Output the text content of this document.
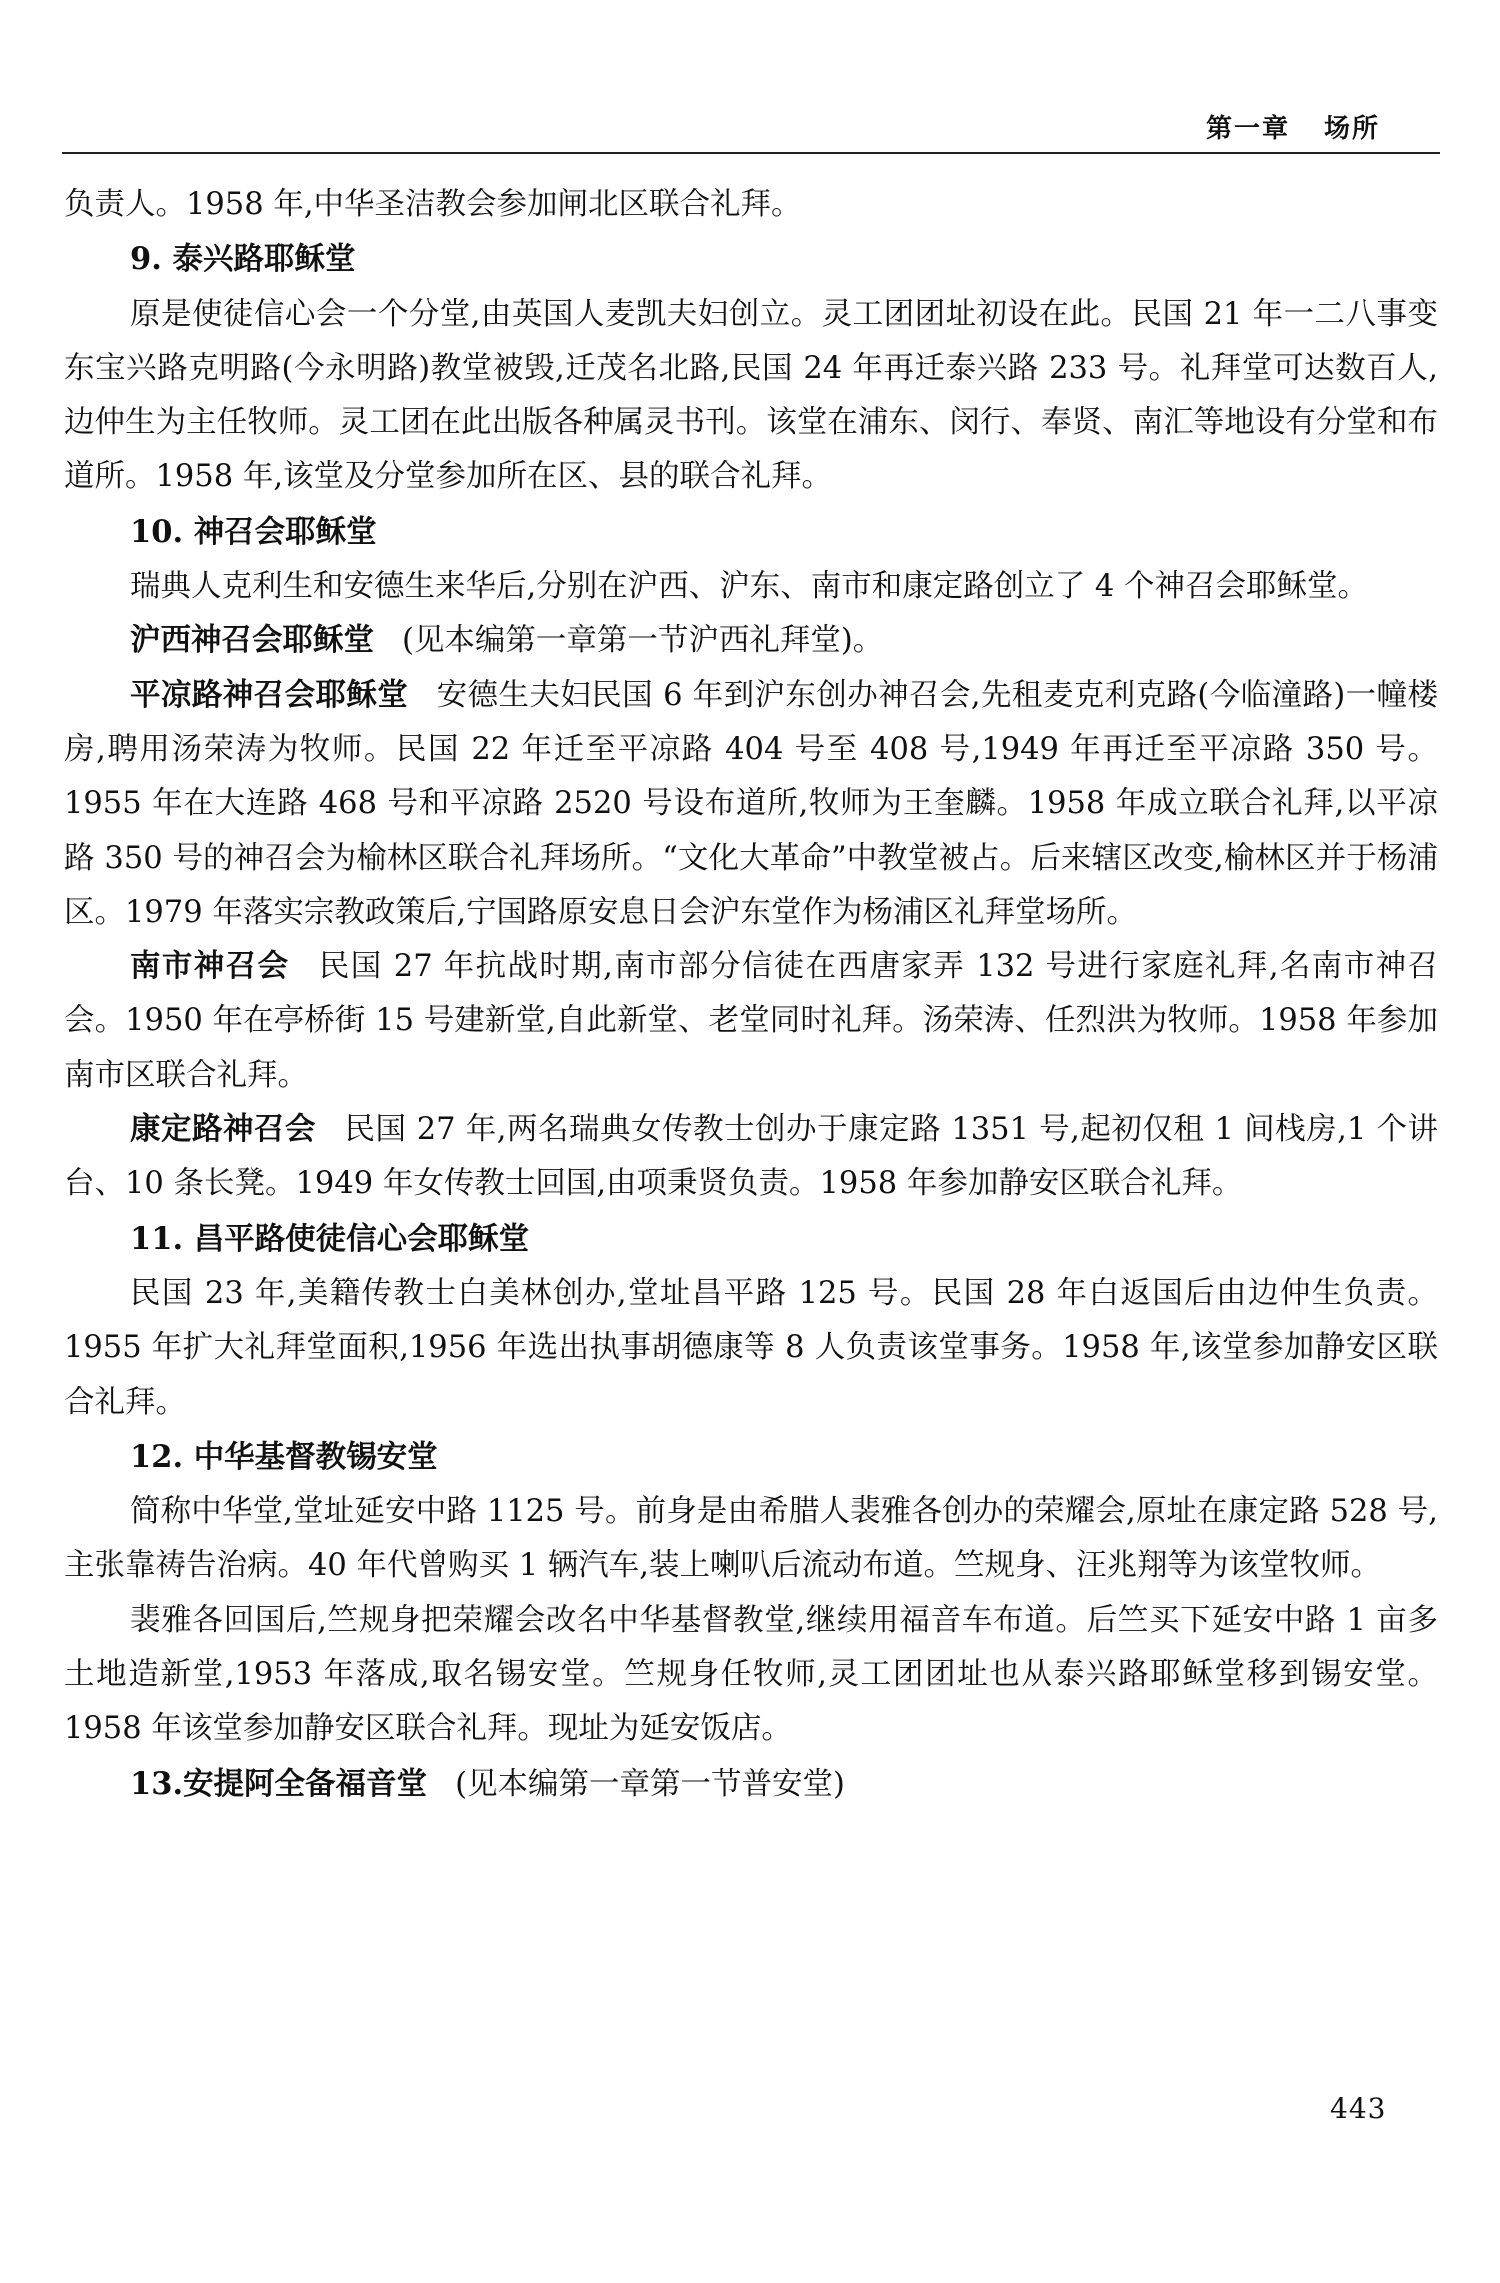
第一章 场所

负责人。1958 年,中华圣洁教会参加闸北区联合礼拜。

9. 泰兴路耶稣堂

原是使徒信心会一个分堂,由英国人麦凯夫妇创立。灵工团团址初设在此。民国 21 年一二八事变东宝兴路克明路(今永明路)教堂被毁,迁茂名北路,民国 24 年再迁泰兴路 233 号。礼拜堂可达数百人,边仲生为主任牧师。灵工团在此出版各种属灵书刊。该堂在浦东、闵行、奉贤、南汇等地设有分堂和布道所。1958 年,该堂及分堂参加所在区、县的联合礼拜。

10. 神召会耶稣堂

瑞典人克利生和安德生来华后,分别在沪西、沪东、南市和康定路创立了 4 个神召会耶稣堂。

沪西神召会耶稣堂 (见本编第一章第一节沪西礼拜堂)。

平凉路神召会耶稣堂 安德生夫妇民国 6 年到沪东创办神召会,先租麦克利克路(今临潼路)一幢楼房,聘用汤荣涛为牧师。民国 22 年迁至平凉路 404 号至 408 号,1949 年再迁至平凉路 350 号。1955 年在大连路 468 号和平凉路 2520 号设布道所,牧师为王奎麟。1958 年成立联合礼拜,以平凉路 350 号的神召会为榆林区联合礼拜场所。“文化大革命”中教堂被占。后来辖区改变,榆林区并于杨浦区。1979 年落实宗教政策后,宁国路原安息日会沪东堂作为杨浦区礼拜堂场所。

南市神召会 民国 27 年抗战时期,南市部分信徒在西唐家弄 132 号进行家庭礼拜,名南市神召会。1950 年在亭桥街 15 号建新堂,自此新堂、老堂同时礼拜。汤荣涛、任烈洪为牧师。1958 年参加南市区联合礼拜。

康定路神召会 民国 27 年,两名瑞典女传教士创办于康定路 1351 号,起初仅租 1 间栈房,1 个讲台、10 条长凳。1949 年女传教士回国,由项秉贤负责。1958 年参加静安区联合礼拜。

11. 昌平路使徒信心会耶稣堂

民国 23 年,美籍传教士白美林创办,堂址昌平路 125 号。民国 28 年白返国后由边仲生负责。1955 年扩大礼拜堂面积,1956 年选出执事胡德康等 8 人负责该堂事务。1958 年,该堂参加静安区联合礼拜。

12. 中华基督教锡安堂

简称中华堂,堂址延安中路 1125 号。前身是由希腊人裴雅各创办的荣耀会,原址在康定路 528 号,主张靠祷告治病。40 年代曾购买 1 辆汽车,装上喇叭后流动布道。竺规身、汪兆翔等为该堂牧师。

裴雅各回国后,竺规身把荣耀会改名中华基督教堂,继续用福音车布道。后竺买下延安中路 1 亩多土地造新堂,1953 年落成,取名锡安堂。竺规身任牧师,灵工团团址也从泰兴路耶稣堂移到锡安堂。1958 年该堂参加静安区联合礼拜。现址为延安饭店。

13.安提阿全备福音堂 (见本编第一章第一节普安堂)

443
